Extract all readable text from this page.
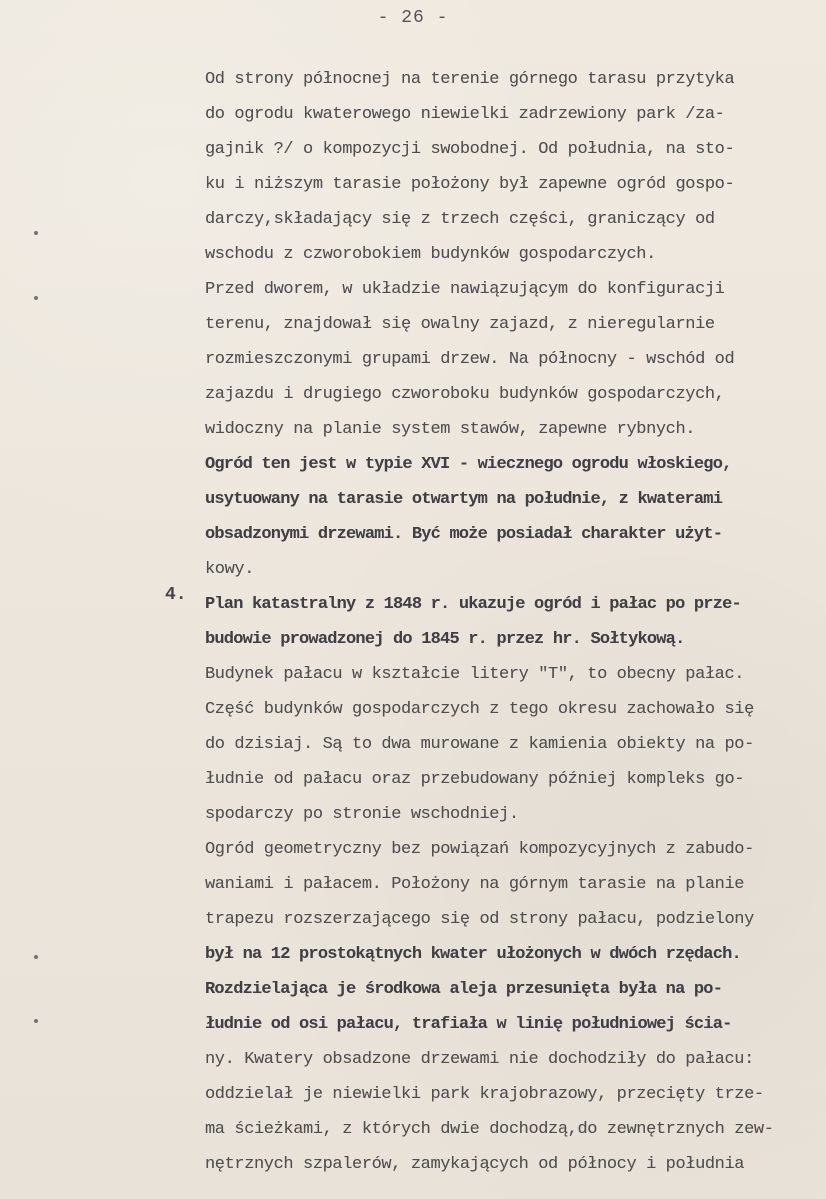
- 26 -
4.
Od strony północnej na terenie górnego tarasu przytyka
do ogrodu kwaterowego niewielki zadrzewiony park /za-
gajnik ?/ o kompozycji swobodnej. Od południa, na sto-
ku i niższym tarasie położony był zapewne ogród gospo-
darczy,składający się z trzech części, graniczący od
wschodu z czworobokiem budynków gospodarczych.
Przed dworem, w układzie nawiązującym do konfiguracji
terenu, znajdował się owalny zajazd, z nieregularnie
rozmieszczonymi grupami drzew. Na północny - wschód od
zajazdu i drugiego czworoboku budynków gospodarczych,
widoczny na planie system stawów, zapewne rybnych.
Ogród ten jest w typie XVI - wiecznego ogrodu włoskiego,
usytuowany na tarasie otwartym na południe, z kwaterami
obsadzonymi drzewami. Być może posiadał charakter użyt-
kowy.
Plan katastralny z 1848 r. ukazuje ogród i pałac po prze-
budowie prowadzonej do 1845 r. przez hr. Sołtykową.
Budynek pałacu w kształcie litery "T", to obecny pałac.
Część budynków gospodarczych z tego okresu zachowało się
do dzisiaj. Są to dwa murowane z kamienia obiekty na po-
łudnie od pałacu oraz przebudowany później kompleks go-
spodarczy po stronie wschodniej.
Ogród geometryczny bez powiązań kompozycyjnych z zabudo-
waniami i pałacem. Położony na górnym tarasie na planie
trapezu rozszerzającego się od strony pałacu, podzielony
był na 12 prostokątnych kwater ułożonych w dwóch rzędach.
Rozdzielająca je środkowa aleja przesunięta była na po-
łudnie od osi pałacu, trafiała w linię południowej ścia-
ny. Kwatery obsadzone drzewami nie dochodziły do pałacu:
oddzielał je niewielki park krajobrazowy, przecięty trze-
ma ścieżkami, z których dwie dochodzą,do zewnętrznych zew-
nętrznych szpalerów, zamykających od północy i południa
